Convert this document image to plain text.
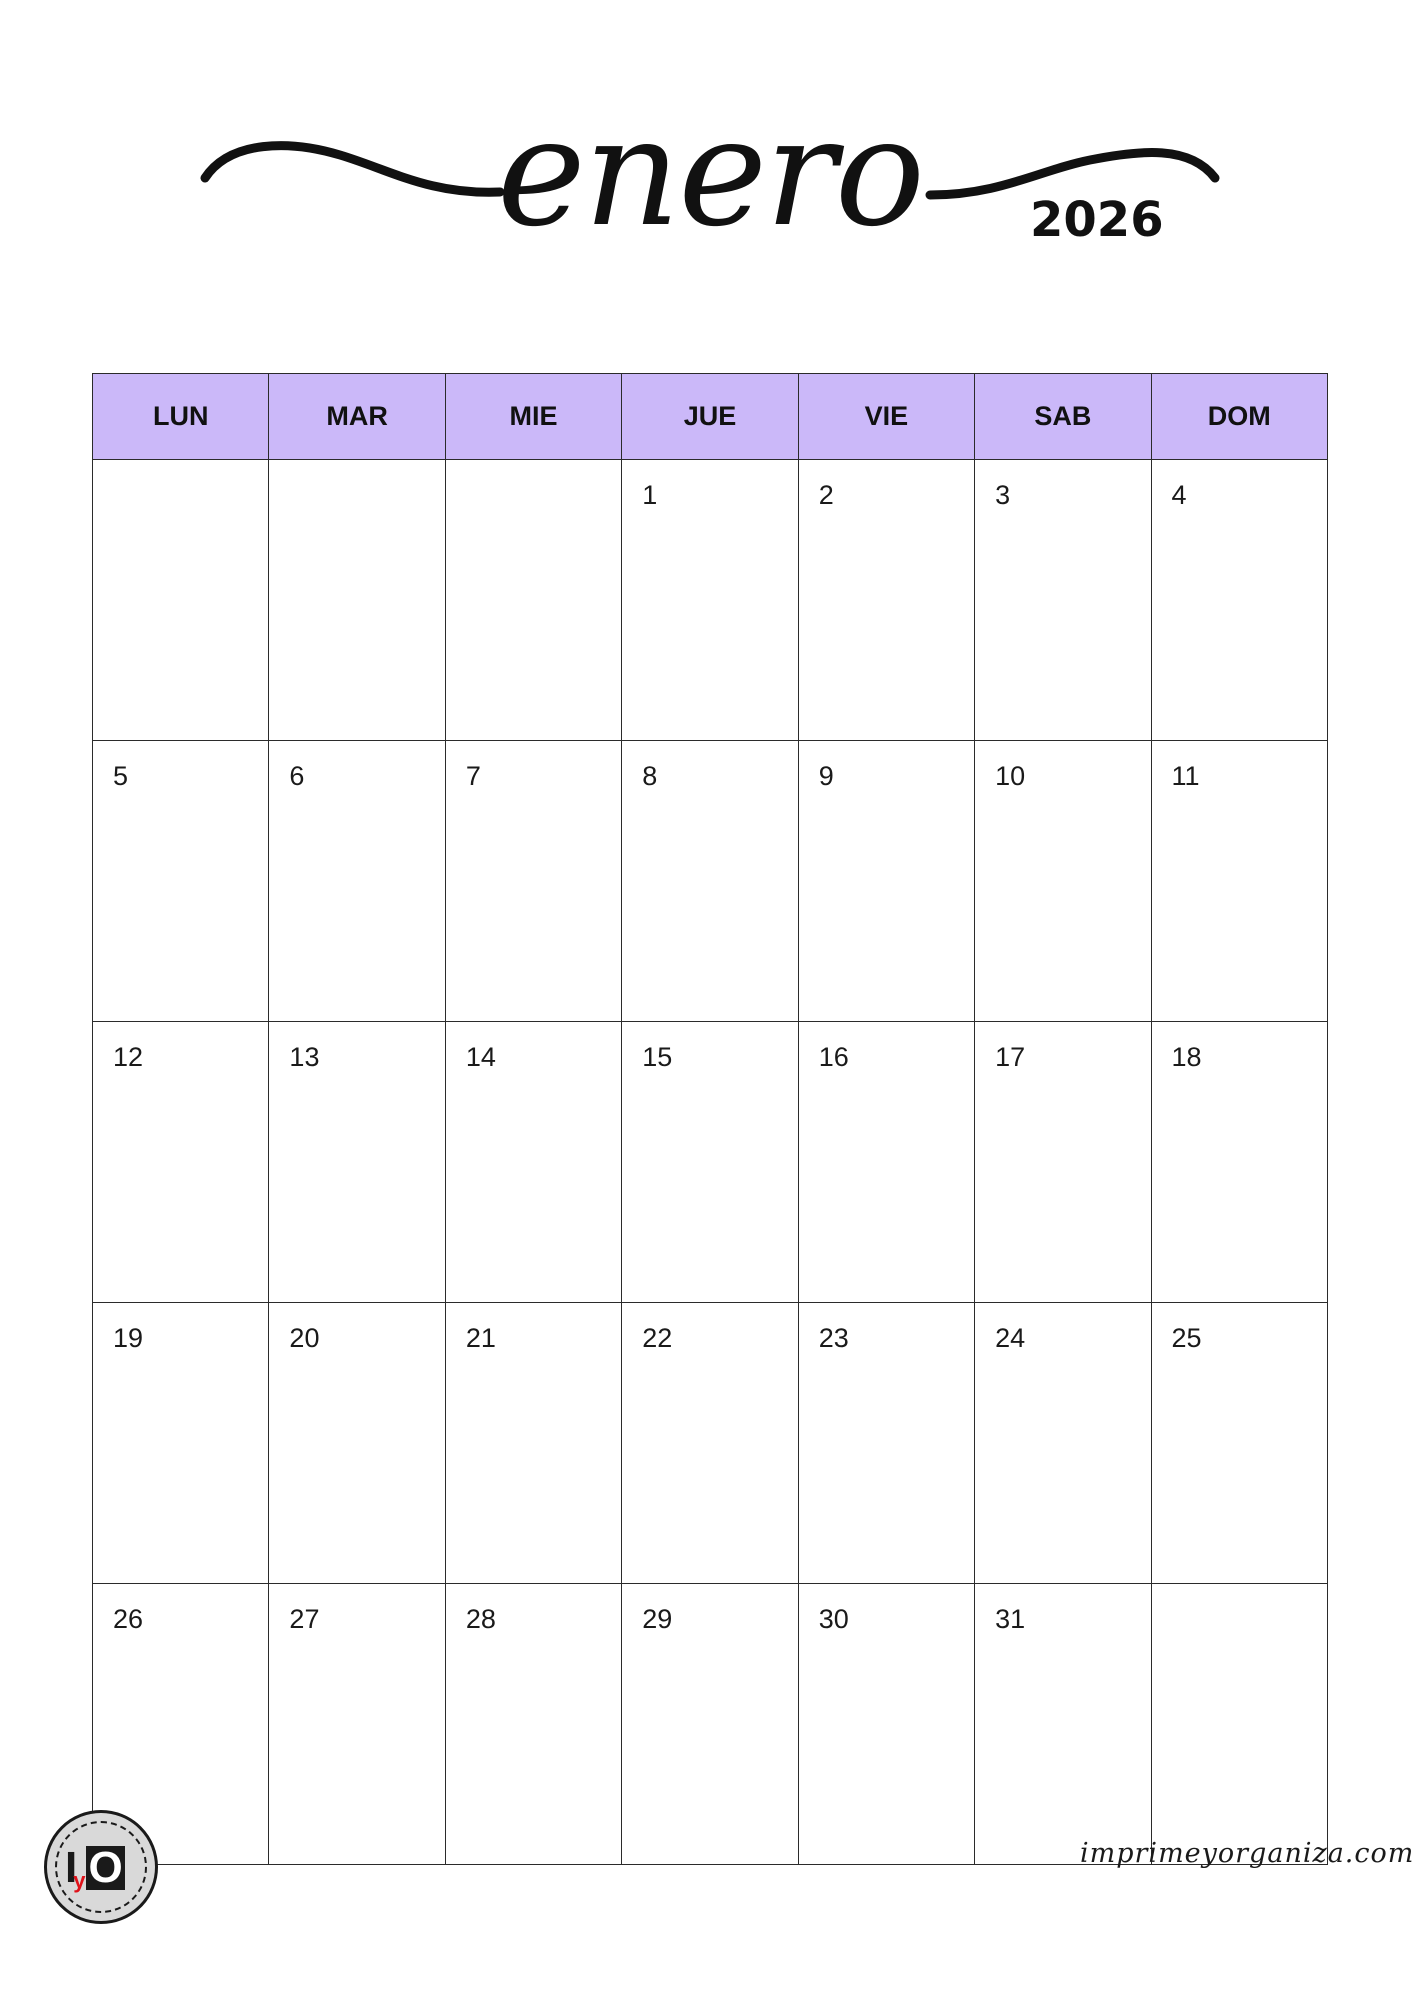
enero	2026
LUN	MAR	MIE	JUE	VIE	SAB	DOM
			1	2	3	4
5	6	7	8	9	10	11
12	13	14	15	16	17	18
19	20	21	22	23	24	25
26	27	28	29	30	31	
IyO	imprimeyorganiza.com
